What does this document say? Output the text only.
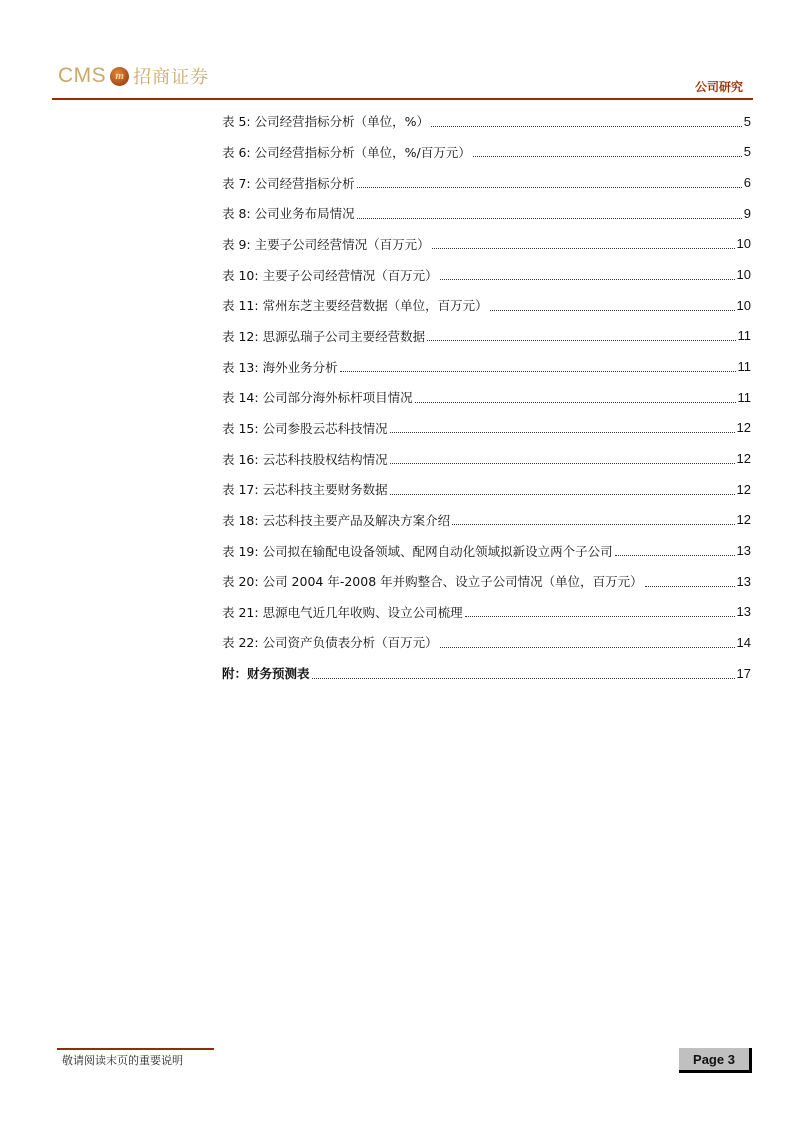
CMS m 招商证券	公司研究
表 5: 公司经营指标分析（单位，%）	5
表 6: 公司经营指标分析（单位，%/百万元）	5
表 7: 公司经营指标分析	6
表 8: 公司业务布局情况	9
表 9: 主要子公司经营情况（百万元）	10
表 10: 主要子公司经营情况（百万元）	10
表 11: 常州东芝主要经营数据（单位，百万元）	10
表 12: 思源弘瑞子公司主要经营数据	11
表 13: 海外业务分析	11
表 14: 公司部分海外标杆项目情况	11
表 15: 公司参股云芯科技情况	12
表 16: 云芯科技股权结构情况	12
表 17: 云芯科技主要财务数据	12
表 18: 云芯科技主要产品及解决方案介绍	12
表 19: 公司拟在输配电设备领域、配网自动化领域拟新设立两个子公司	13
表 20: 公司 2004 年-2008 年并购整合、设立子公司情况（单位，百万元）	13
表 21: 思源电气近几年收购、设立公司梳理	13
表 22: 公司资产负债表分析（百万元）	14
附：财务预测表	17
敬请阅读末页的重要说明	Page 3
